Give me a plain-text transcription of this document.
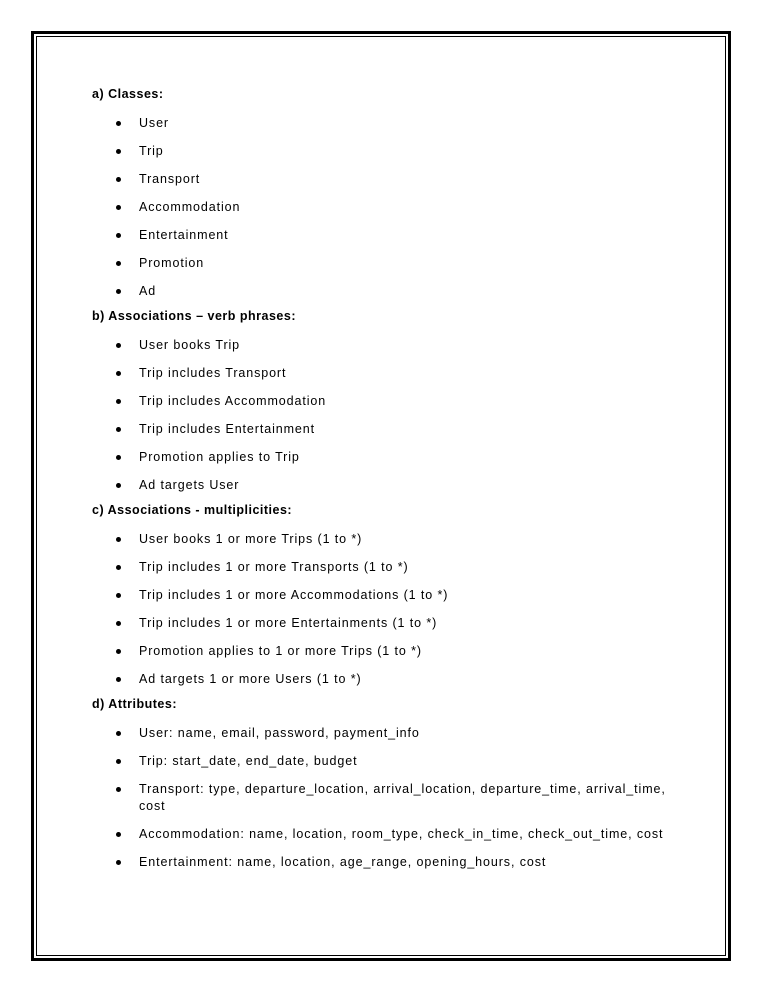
a) Classes:

User
Trip
Transport
Accommodation
Entertainment
Promotion
Ad

b) Associations – verb phrases:

User books Trip
Trip includes Transport
Trip includes Accommodation
Trip includes Entertainment
Promotion applies to Trip
Ad targets User

c) Associations - multiplicities:

User books 1 or more Trips (1 to *)
Trip includes 1 or more Transports (1 to *)
Trip includes 1 or more Accommodations (1 to *)
Trip includes 1 or more Entertainments (1 to *)
Promotion applies to 1 or more Trips (1 to *)
Ad targets 1 or more Users (1 to *)

d) Attributes:

User: name, email, password, payment_info
Trip: start_date, end_date, budget
Transport: type, departure_location, arrival_location, departure_time, arrival_time, cost
Accommodation: name, location, room_type, check_in_time, check_out_time, cost
Entertainment: name, location, age_range, opening_hours, cost
